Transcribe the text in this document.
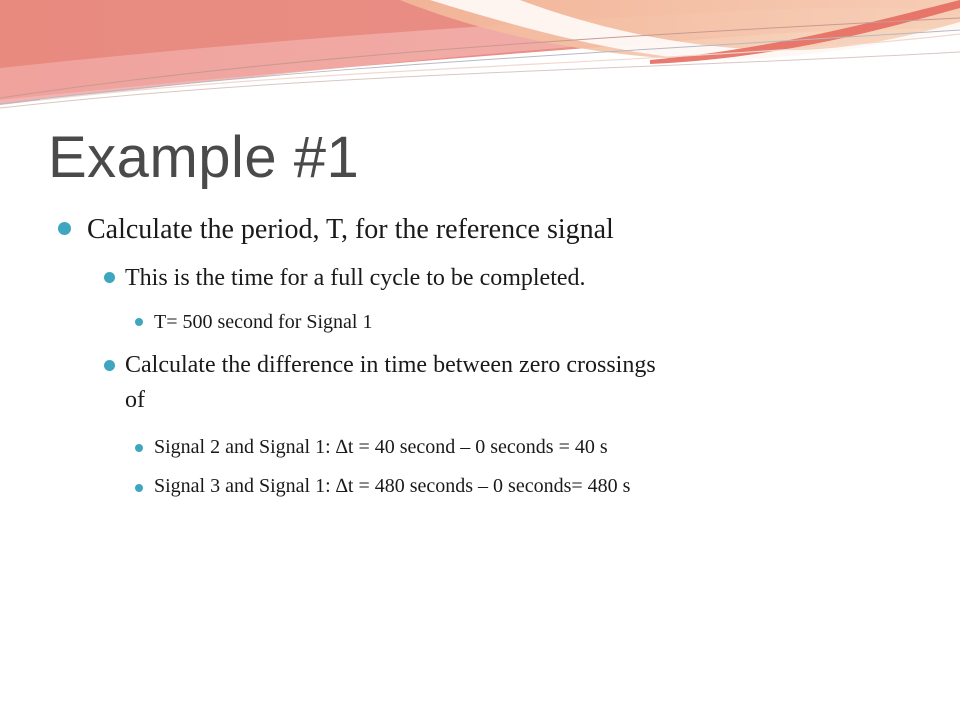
Example #1
Calculate the period, T, for the reference signal
This is the time for a full cycle to be completed.
T= 500 second for Signal 1
Calculate the difference in time between zero crossings
of
Signal 2 and Signal 1: ∆t = 40 second – 0 seconds = 40 s
Signal 3 and Signal 1: ∆t = 480 seconds – 0 seconds= 480 s
